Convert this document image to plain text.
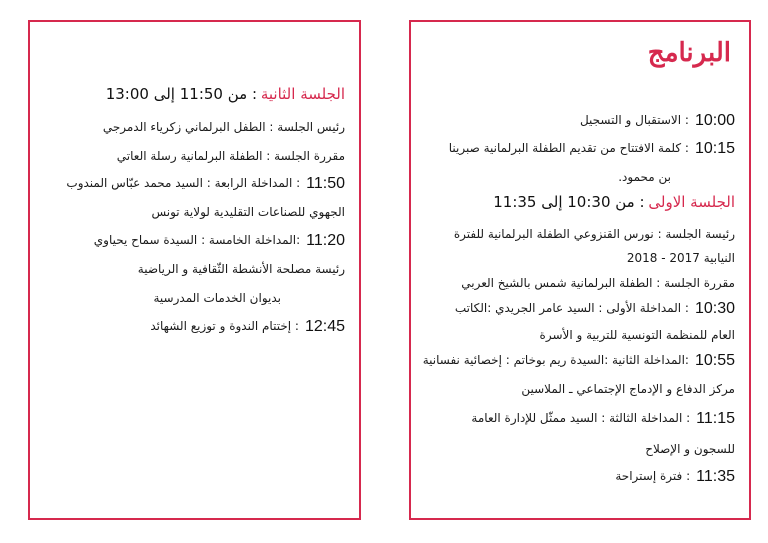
البرنامج
10:00: الاستقبال و التسجيل
10:15: كلمة الافتتاح من تقديم الطفلة البرلمانية صبرينا
بن محمود.
الجلسة الاولى : من 10:30 إلى 11:35
رئيسة الجلسة : نورس القنزوعي الطفلة البرلمانية للفترة
النيابية 2017 - 2018
مقررة الجلسة : الطفلة البرلمانية شمس بالشيخ العربي
10:30: المداخلة الأولى : السيد عامر الجريدي :الكاتب
العام للمنظمة التونسية للتربية و الأسرة
10:55:المداخلة الثانية :السيدة ريم بوخاتم : إخصائية نفسانية
مركز الدفاع و الإدماج الإجتماعي ـ الملاسين
11:15: المداخلة الثالثة : السيد ممثّل للإدارة العامة
للسجون و الإصلاح
11:35: فترة إستراحة
الجلسة الثانية : من 11:50 إلى 13:00
رئيس الجلسة : الطفل البرلماني زكرياء الدمرجي
مقررة الجلسة : الطفلة البرلمانية رسلة العاتي
11:50: المداخلة الرابعة : السيد محمد عبّاس المندوب
الجهوي للصناعات التقليدية لولاية تونس
11:20:المداخلة الخامسة : السيدة سماح يحياوي
رئيسة مصلحة الأنشطة الثّقافية و الرياضية
بديوان الخدمات المدرسية
12:45: إختتام الندوة و توزيع الشهائد
